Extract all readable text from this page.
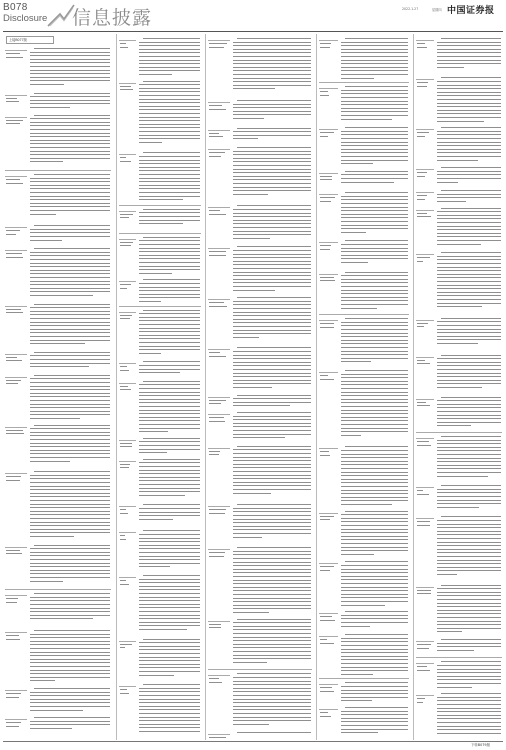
B078
Disclosure 信息披露	2022.1.27	星期四 中国证券报
上接B077版
下转B079版
